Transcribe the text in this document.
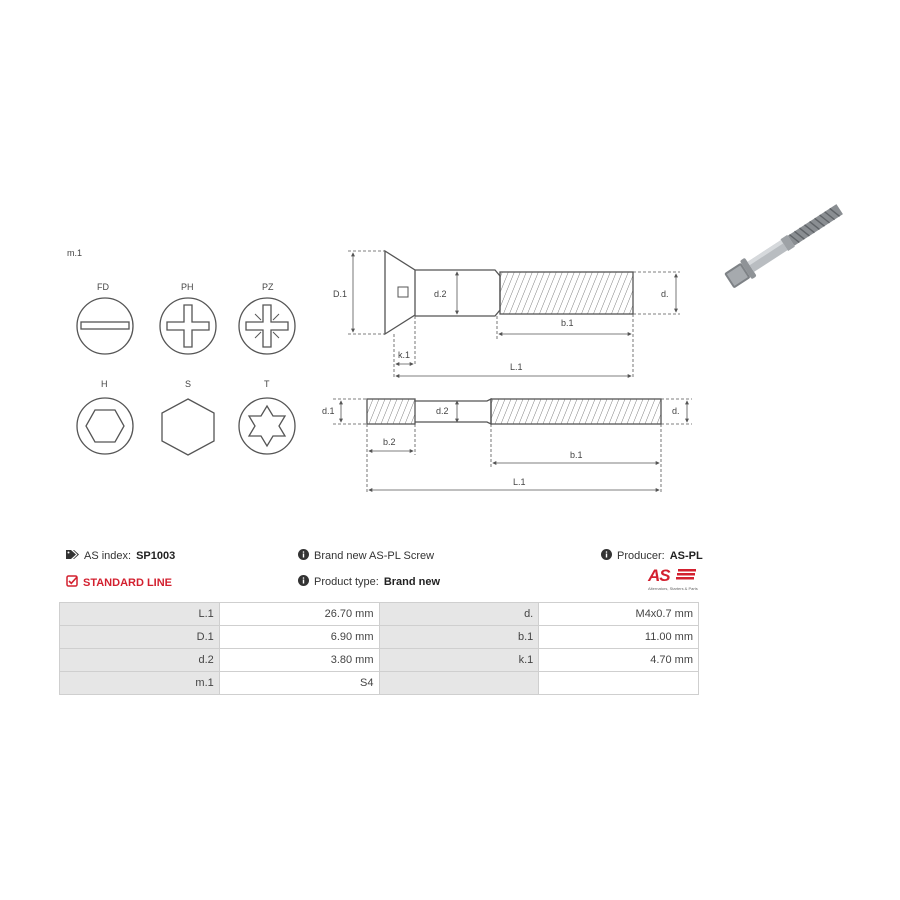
m.1
FD	PH	PZ
H	S	T
D.1	d.2	d.
b.1
k.1
L.1
d.1	d.2	d.
b.2
b.1
L.1
AS index: SP1003
STANDARD LINE
Brand new AS-PL Screw
Product type: Brand new
Producer: AS-PL
AS
Alternators, Starters & Parts
L.1	26.70 mm	d.	M4x0.7 mm
D.1	6.90 mm	b.1	11.00 mm
d.2	3.80 mm	k.1	4.70 mm
m.1	S4		
